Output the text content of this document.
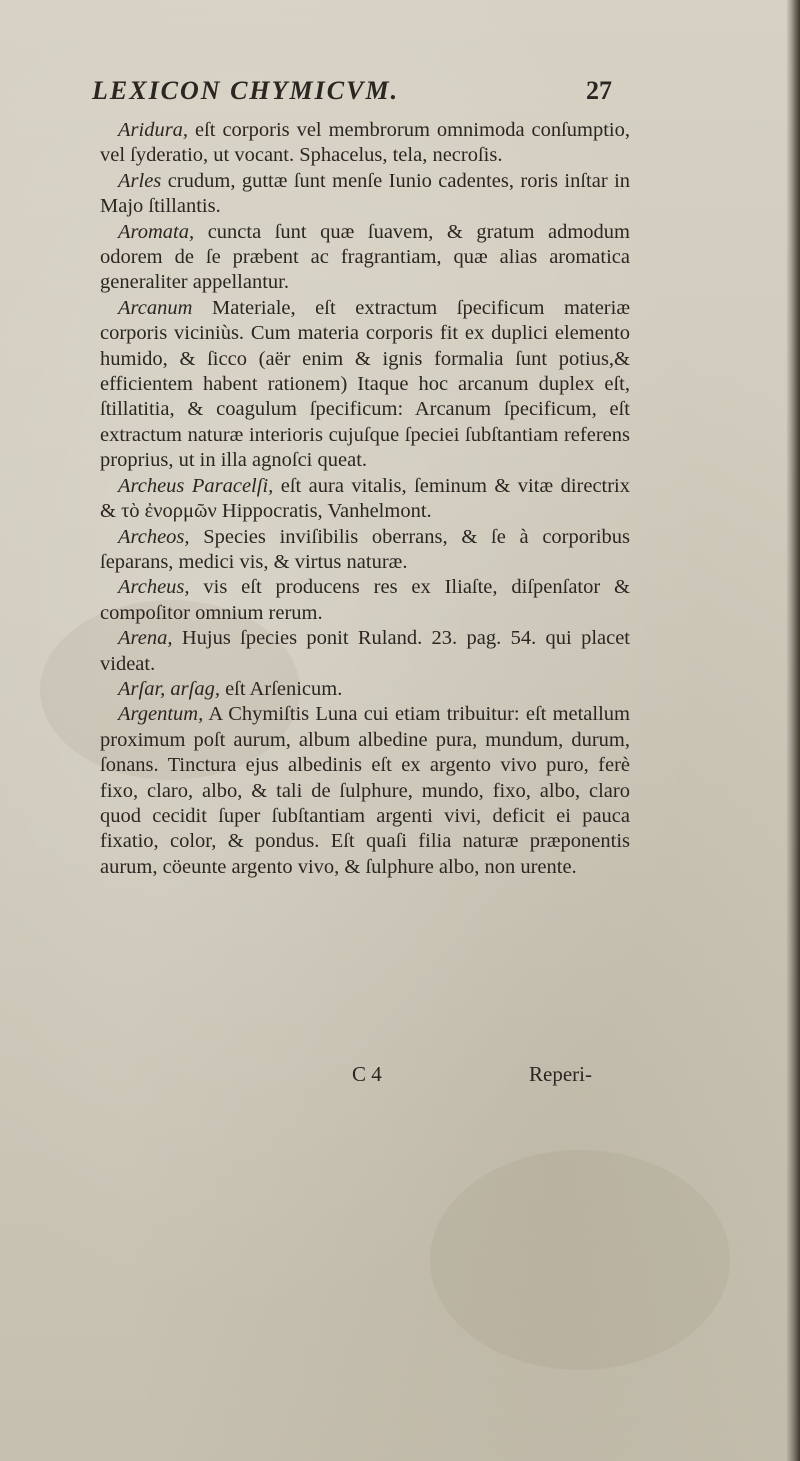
LEXICON CHYMICVM.	27

Aridura, eſt corporis vel membrorum omnimoda conſumptio, vel ſyderatio, ut vocant. Sphacelus, tela, necroſis.

Arles crudum, guttæ ſunt menſe Iunio cadentes, roris inſtar in Majo ſtillantis.

Aromata, cuncta ſunt quæ ſuavem, & gratum admodum odorem de ſe præbent ac fragrantiam, quæ alias aromatica generaliter appellantur.

Arcanum Materiale, eſt extractum ſpecificum materiæ corporis viciniùs. Cum materia corporis fit ex duplici elemento humido, & ſicco (aër enim & ignis formalia ſunt potius,& efficientem habent rationem) Itaque hoc arcanum duplex eſt, ſtillatitia, & coagulum ſpecificum: Arcanum ſpecificum, eſt extractum naturæ interioris cujuſque ſpeciei ſubſtantiam referens proprius, ut in illa agnoſci queat.

Archeus Paracelſi, eſt aura vitalis, ſeminum & vitæ directrix & τὸ ἐνορμῶν Hippocratis, Vanhelmont.

Archeos, Species inviſibilis oberrans, & ſe à corporibus ſeparans, medici vis, & virtus naturæ.

Archeus, vis eſt producens res ex Iliaſte, diſpenſator & compoſitor omnium rerum.

Arena, Hujus ſpecies ponit Ruland. 23. pag. 54. qui placet videat.

Arſar, arſag, eſt Arſenicum.

Argentum, A Chymiſtis Luna cui etiam tribuitur: eſt metallum proximum poſt aurum, album albedine pura, mundum, durum, ſonans. Tinctura ejus albedinis eſt ex argento vivo puro, ferè fixo, claro, albo, & tali de ſulphure, mundo, fixo, albo, claro quod cecidit ſuper ſubſtantiam argenti vivi, deficit ei pauca fixatio, color, & pondus. Eſt quaſi filia naturæ præponentis aurum, cöeunte argento vivo, & ſulphure albo, non urente.

C 4	Reperi-
